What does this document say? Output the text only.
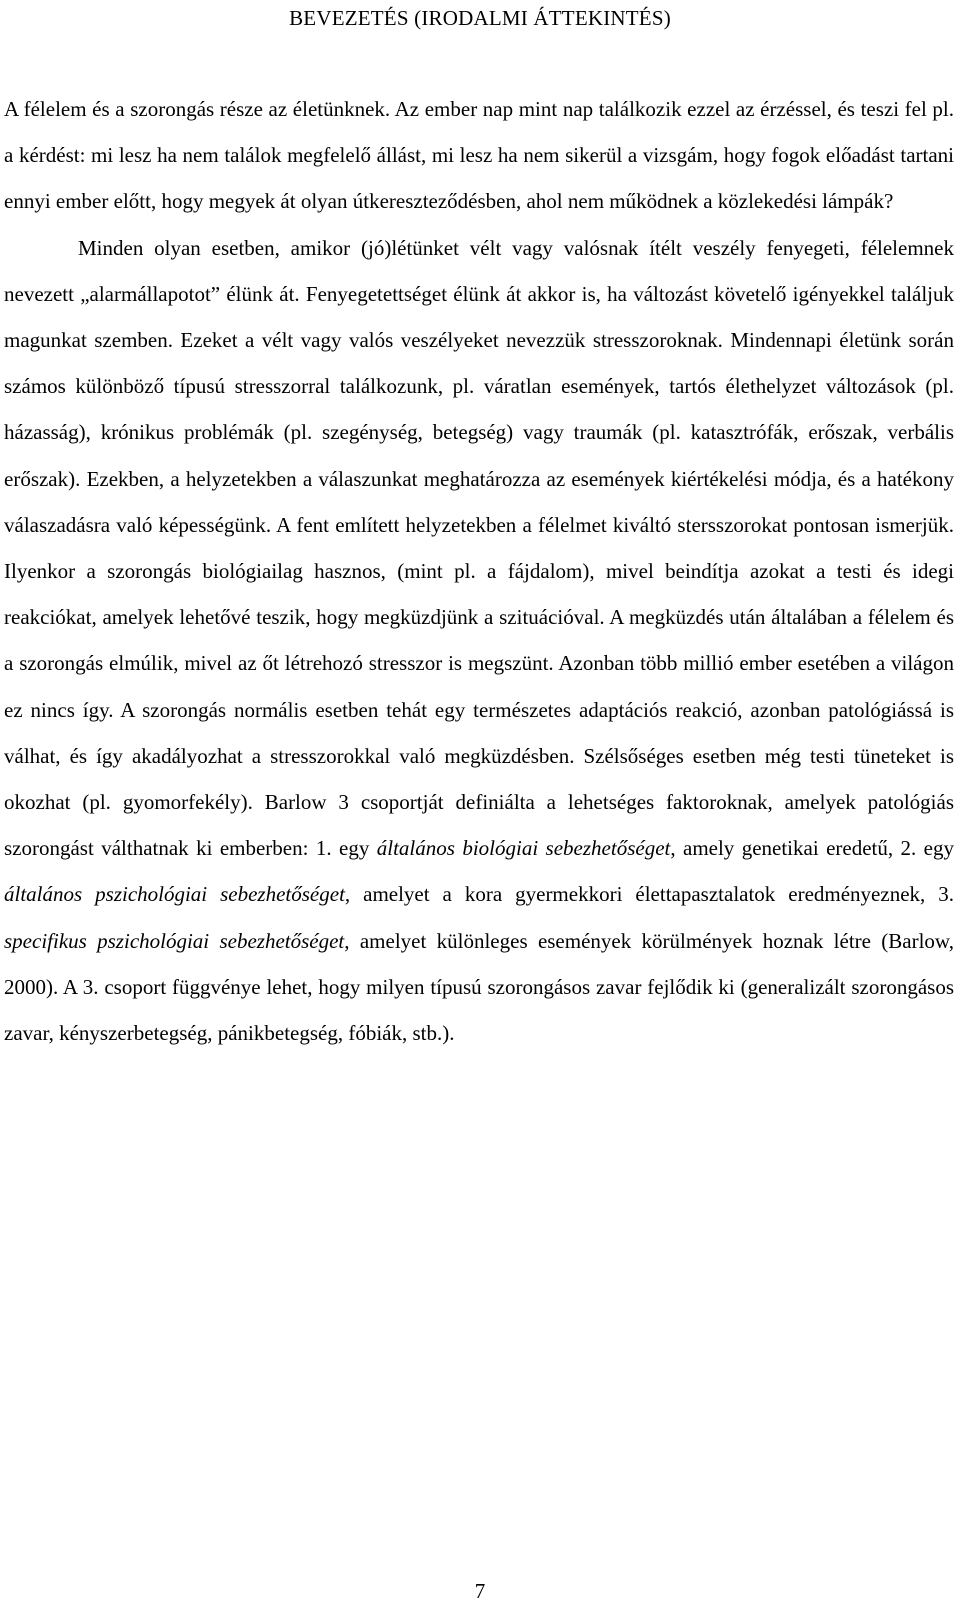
BEVEZETÉS (IRODALMI ÁTTEKINTÉS)

A félelem és a szorongás része az életünknek. Az ember nap mint nap találkozik ezzel az érzéssel, és teszi fel pl. a kérdést: mi lesz ha nem találok megfelelő állást, mi lesz ha nem sikerül a vizsgám, hogy fogok előadást tartani ennyi ember előtt, hogy megyek át olyan útkereszteződésben, ahol nem működnek a közlekedési lámpák?

Minden olyan esetben, amikor (jó)létünket vélt vagy valósnak ítélt veszély fenyegeti, félelemnek nevezett „alarmállapotot” élünk át. Fenyegetettséget élünk át akkor is, ha változást követelő igényekkel találjuk magunkat szemben. Ezeket a vélt vagy valós veszélyeket nevezzük stresszoroknak. Mindennapi életünk során számos különböző típusú stresszorral találkozunk, pl. váratlan események, tartós élethelyzet változások (pl. házasság), krónikus problémák (pl. szegénység, betegség) vagy traumák (pl. katasztrófák, erőszak, verbális erőszak). Ezekben, a helyzetekben a válaszunkat meghatározza az események kiértékelési módja, és a hatékony válaszadásra való képességünk. A fent említett helyzetekben a félelmet kiváltó stersszorokat pontosan ismerjük. Ilyenkor a szorongás biológiailag hasznos, (mint pl. a fájdalom), mivel beindítja azokat a testi és idegi reakciókat, amelyek lehetővé teszik, hogy megküzdjünk a szituációval. A megküzdés után általában a félelem és a szorongás elmúlik, mivel az őt létrehozó stresszor is megszünt. Azonban több millió ember esetében a világon ez nincs így. A szorongás normális esetben tehát egy természetes adaptációs reakció, azonban patológiássá is válhat, és így akadályozhat a stresszorokkal való megküzdésben. Szélsőséges esetben még testi tüneteket is okozhat (pl. gyomorfekély). Barlow 3 csoportját definiálta a lehetséges faktoroknak, amelyek patológiás szorongást válthatnak ki emberben: 1. egy általános biológiai sebezhetőséget, amely genetikai eredetű, 2. egy általános pszichológiai sebezhetőséget, amelyet a kora gyermekkori élettapasztalatok eredményeznek, 3. specifikus pszichológiai sebezhetőséget, amelyet különleges események körülmények hoznak létre (Barlow, 2000). A 3. csoport függvénye lehet, hogy milyen típusú szorongásos zavar fejlődik ki (generalizált szorongásos zavar, kényszerbetegség, pánikbetegség, fóbiák, stb.).

7
